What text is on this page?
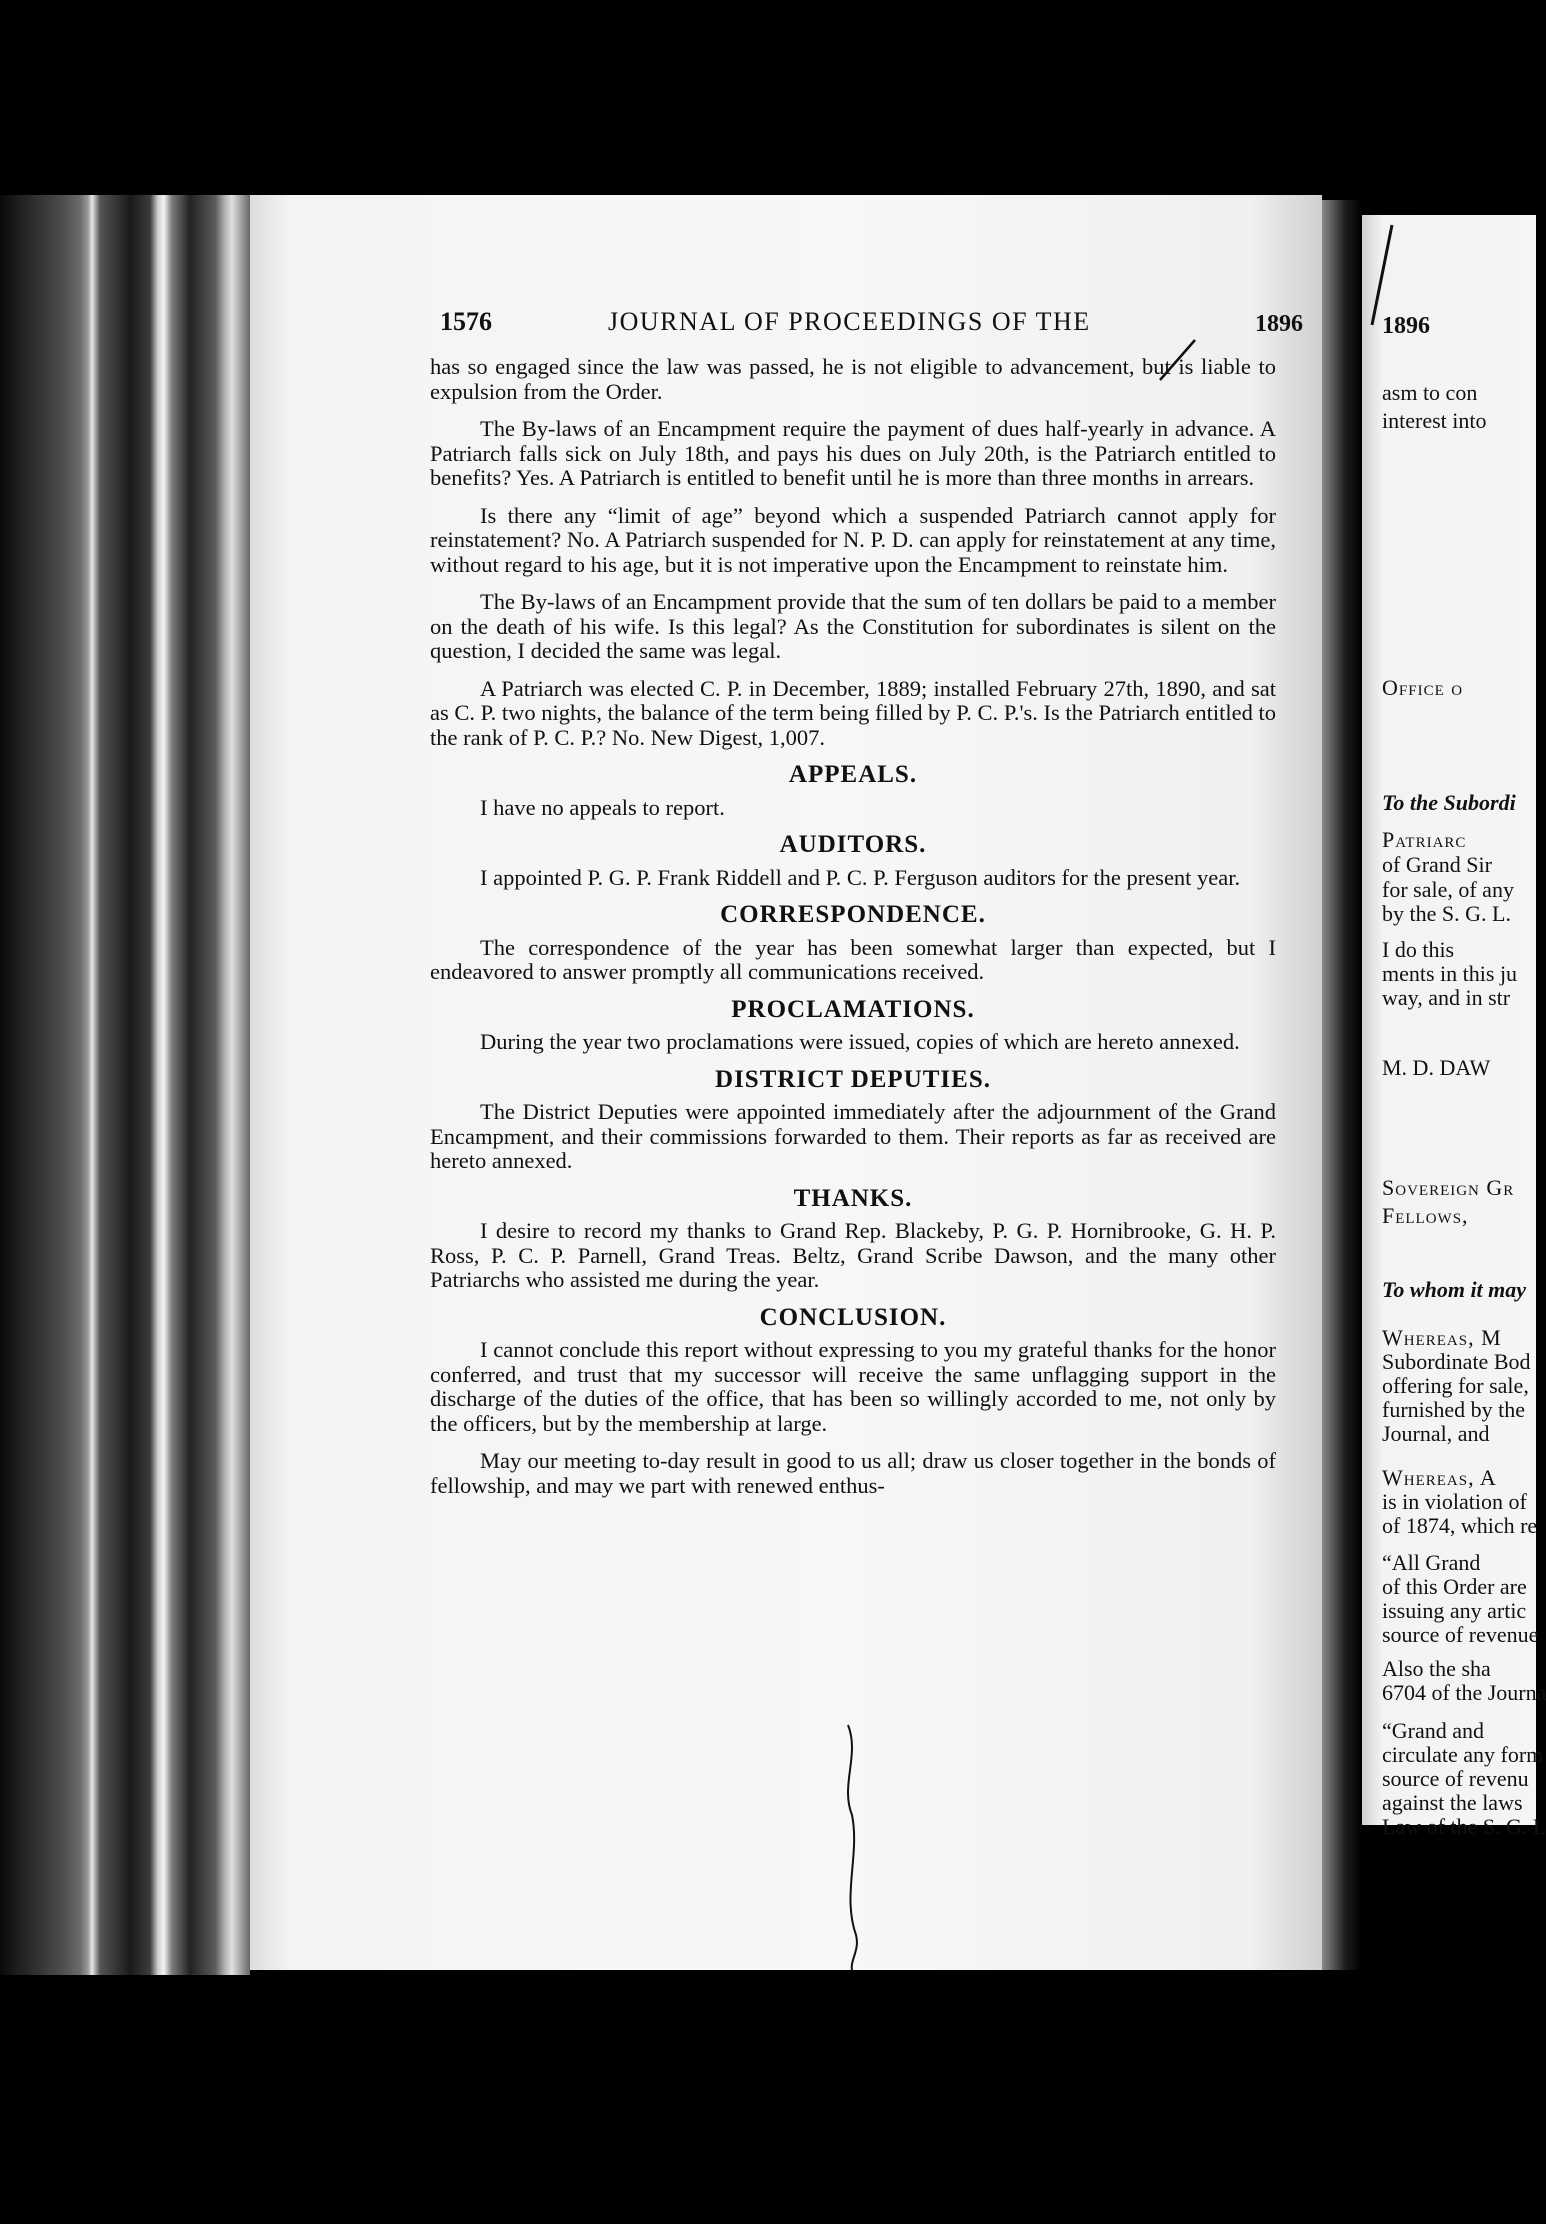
1576	JOURNAL OF PROCEEDINGS OF THE	1896

has so engaged since the law was passed, he is not eligible to advancement, but is liable to expulsion from the Order.

The By-laws of an Encampment require the payment of dues half-yearly in advance. A Patriarch falls sick on July 18th, and pays his dues on July 20th, is the Patriarch entitled to benefits? Yes. A Patriarch is entitled to benefit until he is more than three months in arrears.

Is there any “limit of age” beyond which a suspended Patriarch cannot apply for reinstatement? No. A Patriarch suspended for N. P. D. can apply for reinstatement at any time, without regard to his age, but it is not imperative upon the Encampment to reinstate him.

The By-laws of an Encampment provide that the sum of ten dollars be paid to a member on the death of his wife. Is this legal? As the Constitution for subordinates is silent on the question, I decided the same was legal.

A Patriarch was elected C. P. in December, 1889; installed February 27th, 1890, and sat as C. P. two nights, the balance of the term being filled by P. C. P.'s. Is the Patriarch entitled to the rank of P. C. P.? No. New Digest, 1,007.

APPEALS.

I have no appeals to report.

AUDITORS.

I appointed P. G. P. Frank Riddell and P. C. P. Ferguson auditors for the present year.

CORRESPONDENCE.

The correspondence of the year has been somewhat larger than expected, but I endeavored to answer promptly all communications received.

PROCLAMATIONS.

During the year two proclamations were issued, copies of which are hereto annexed.

DISTRICT DEPUTIES.

The District Deputies were appointed immediately after the adjournment of the Grand Encampment, and their commissions forwarded to them. Their reports as far as received are hereto annexed.

THANKS.

I desire to record my thanks to Grand Rep. Blackeby, P. G. P. Hornibrooke, G. H. P. Ross, P. C. P. Parnell, Grand Treas. Beltz, Grand Scribe Dawson, and the many other Patriarchs who assisted me during the year.

CONCLUSION.

I cannot conclude this report without expressing to you my grateful thanks for the honor conferred, and trust that my successor will receive the same unflagging support in the discharge of the duties of the office, that has been so willingly accorded to me, not only by the officers, but by the membership at large.

May our meeting to-day result in good to us all; draw us closer together in the bonds of fellowship, and may we part with renewed enthus-

1896
asm to con
interest into
Office o
To the Subordi
Patriarc
of Grand Sir
for sale, of any
by the S. G. L.
I do this
ments in this ju
way, and in str
M. D. DAW
Sovereign Gr
Fellows,
To whom it may
Whereas, M
Subordinate Bod
offering for sale,
furnished by the
Journal, and
Whereas, A
is in violation of
of 1874, which re
“All Grand
of this Order are
issuing any artic
source of revenue
Also the sha
6704 of the Journa
“Grand and
circulate any form
source of revenu
against the laws
Law of the S. G. L
